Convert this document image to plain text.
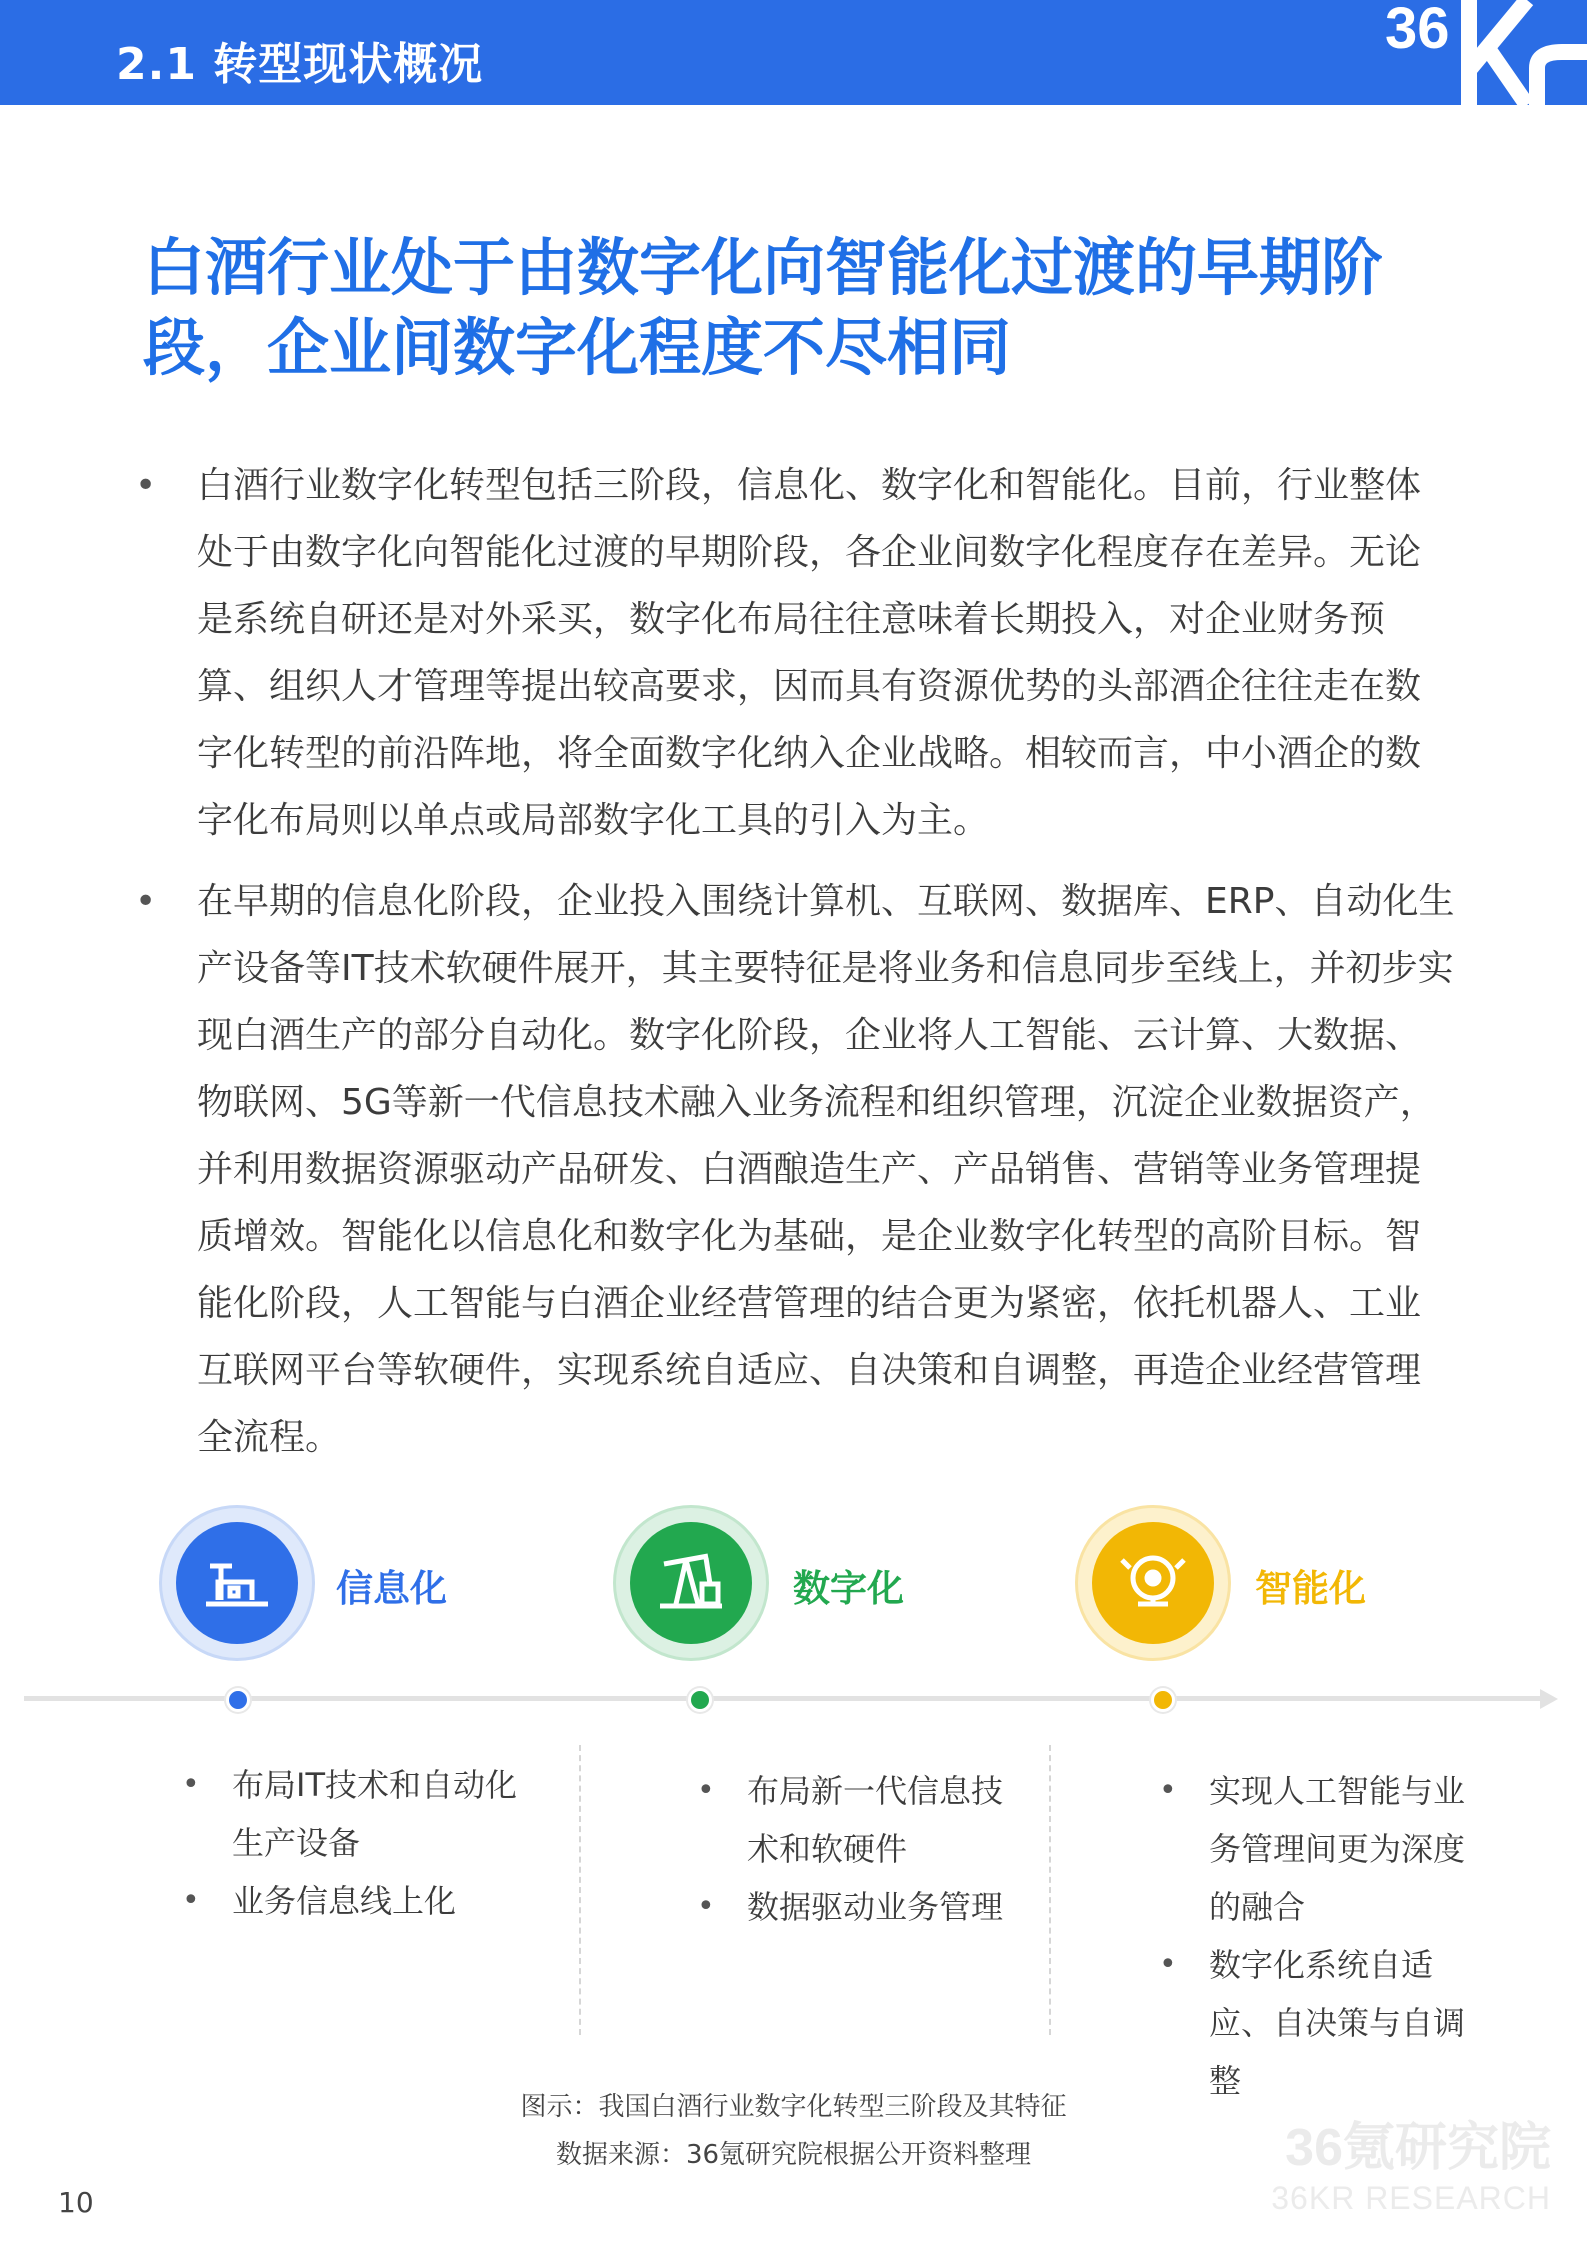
2.1 转型现状概况
36
白酒行业处于由数字化向智能化过渡的早期阶段，企业间数字化程度不尽相同
• 白酒行业数字化转型包括三阶段，信息化、数字化和智能化。目前，行业整体处于由数字化向智能化过渡的早期阶段，各企业间数字化程度存在差异。无论是系统自研还是对外采买，数字化布局往往意味着长期投入，对企业财务预算、组织人才管理等提出较高要求，因而具有资源优势的头部酒企往往走在数字化转型的前沿阵地，将全面数字化纳入企业战略。相较而言，中小酒企的数字化布局则以单点或局部数字化工具的引入为主。
• 在早期的信息化阶段，企业投入围绕计算机、互联网、数据库、ERP、自动化生产设备等IT技术软硬件展开，其主要特征是将业务和信息同步至线上，并初步实现白酒生产的部分自动化。数字化阶段，企业将人工智能、云计算、大数据、物联网、5G等新一代信息技术融入业务流程和组织管理，沉淀企业数据资产，并利用数据资源驱动产品研发、白酒酿造生产、产品销售、营销等业务管理提质增效。智能化以信息化和数字化为基础，是企业数字化转型的高阶目标。智能化阶段，人工智能与白酒企业经营管理的结合更为紧密，依托机器人、工业互联网平台等软硬件，实现系统自适应、自决策和自调整，再造企业经营管理全流程。
信息化	数字化	智能化
• 布局IT技术和自动化生产设备
• 业务信息线上化
• 布局新一代信息技术和软硬件
• 数据驱动业务管理
• 实现人工智能与业务管理间更为深度的融合
• 数字化系统自适应、自决策与自调整
图示：我国白酒行业数字化转型三阶段及其特征
数据来源：36氪研究院根据公开资料整理	36氪研究院
36KR RESEARCH
10
